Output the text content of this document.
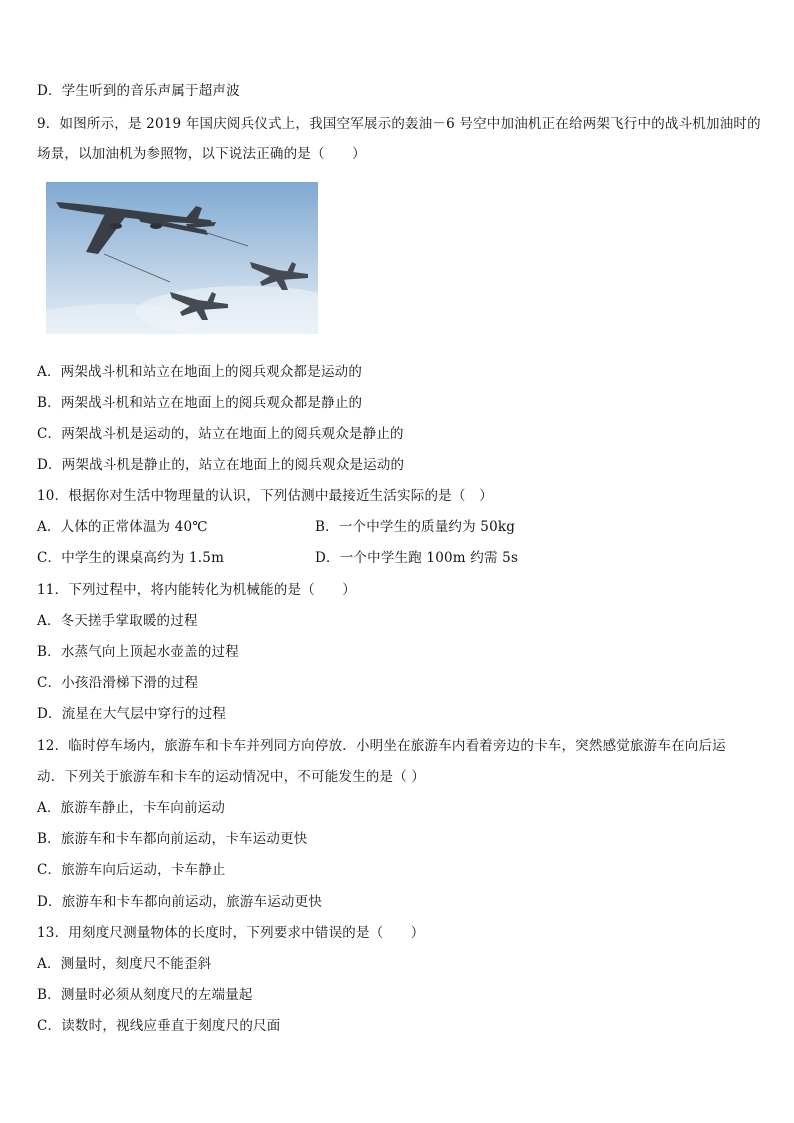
D．学生听到的音乐声属于超声波
9．如图所示，是 2019 年国庆阅兵仪式上，我国空军展示的轰油－6 号空中加油机正在给两架飞行中的战斗机加油时的
场景，以加油机为参照物，以下说法正确的是（　　）
A．两架战斗机和站立在地面上的阅兵观众都是运动的
B．两架战斗机和站立在地面上的阅兵观众都是静止的
C．两架战斗机是运动的，站立在地面上的阅兵观众是静止的
D．两架战斗机是静止的，站立在地面上的阅兵观众是运动的
10．根据你对生活中物理量的认识，下列估测中最接近生活实际的是（　）
A．人体的正常体温为 40℃	B．一个中学生的质量约为 50kg
C．中学生的课桌高约为 1.5m	D．一个中学生跑 100m 约需 5s
11．下列过程中，将内能转化为机械能的是（　　）
A．冬天搓手掌取暖的过程
B．水蒸气向上顶起水壶盖的过程
C．小孩沿滑梯下滑的过程
D．流星在大气层中穿行的过程
12．临时停车场内，旅游车和卡车并列同方向停放．小明坐在旅游车内看着旁边的卡车，突然感觉旅游车在向后运
动．下列关于旅游车和卡车的运动情况中，不可能发生的是（ ）
A．旅游车静止，卡车向前运动
B．旅游车和卡车都向前运动，卡车运动更快
C．旅游车向后运动，卡车静止
D．旅游车和卡车都向前运动，旅游车运动更快
13．用刻度尺测量物体的长度时，下列要求中错误的是（　　）
A．测量时，刻度尺不能歪斜
B．测量时必须从刻度尺的左端量起
C．读数时，视线应垂直于刻度尺的尺面
